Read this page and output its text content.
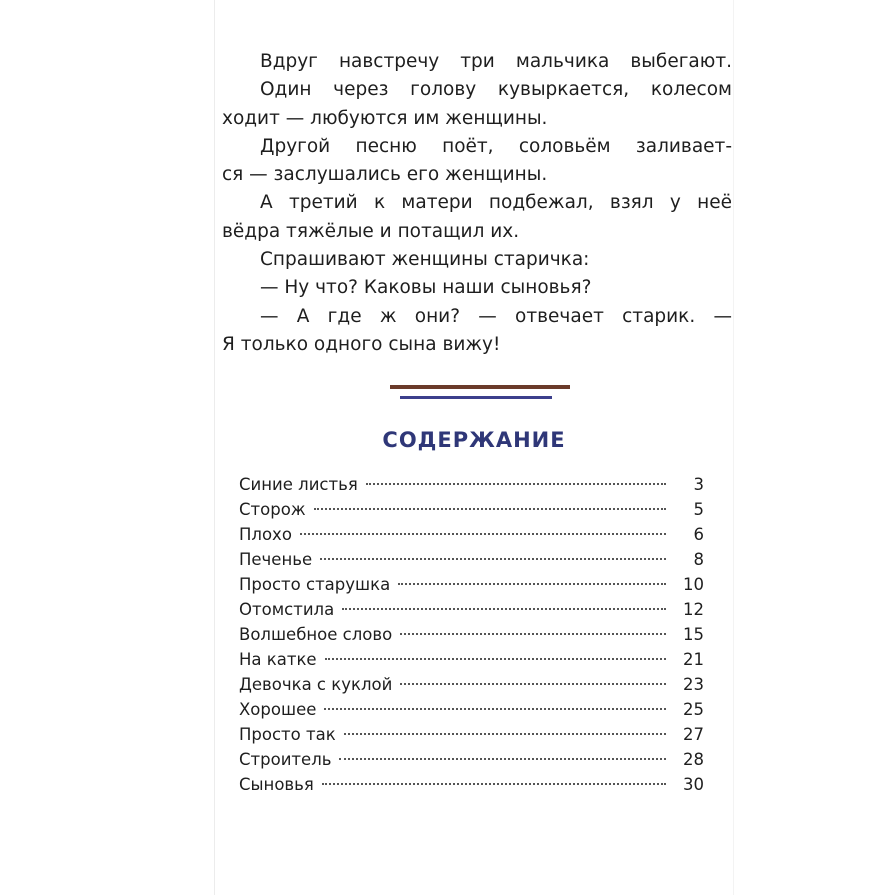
Вдруг навстречу три мальчика выбегают.
Один через голову кувыркается, колесом
ходит — любуются им женщины.
Другой песню поёт, соловьём заливает-
ся — заслушались его женщины.
А третий к матери подбежал, взял у неё
вёдра тяжёлые и потащил их.
Спрашивают женщины старичка:
— Ну что? Каковы наши сыновья?
— А где ж они? — отвечает старик. —
Я только одного сына вижу!
СОДЕРЖАНИЕ
Синие листья	3
Сторож	5
Плохо	6
Печенье	8
Просто старушка	10
Отомстила	12
Волшебное слово	15
На катке	21
Девочка с куклой	23
Хорошее	25
Просто так	27
Строитель	28
Сыновья	30
